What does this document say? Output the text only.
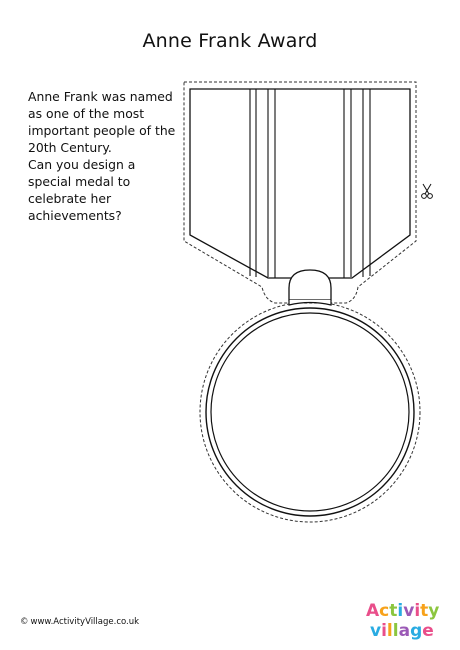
Anne Frank Award

Anne Frank was named

as one of the most

important people of the

20th Century.

Can you design a

special medal to

celebrate her

achievements?

© www.ActivityVillage.co.uk
Activity
village
